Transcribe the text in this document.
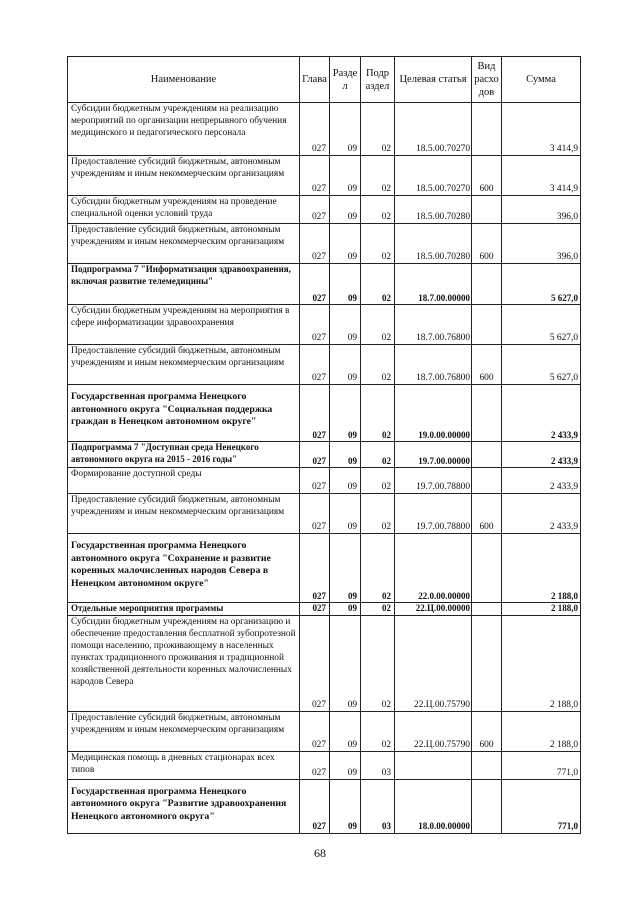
Наименование	Глава	Разде л	Подр аздел	Целевая статья	Вид расхо дов	Сумма
Субсидии бюджетным учреждениям на реализацию мероприятий по организации непрерывного обучения медицинского и педагогического персонала	027	09	02	18.5.00.70270		3 414,9
Предоставление субсидий бюджетным, автономным учреждениям и иным некоммерческим организациям	027	09	02	18.5.00.70270	600	3 414,9
Субсидии бюджетным учреждениям на проведение специальной оценки условий труда	027	09	02	18.5.00.70280		396,0
Предоставление субсидий бюджетным, автономным учреждениям и иным некоммерческим организациям	027	09	02	18.5.00.70280	600	396,0
Подпрограмма 7 "Информатизация здравоохранения, включая развитие телемедицины"	027	09	02	18.7.00.00000		5 627,0
Субсидии бюджетным учреждениям на мероприятия в сфере информатизации здравоохранения	027	09	02	18.7.00.76800		5 627,0
Предоставление субсидий бюджетным, автономным учреждениям и иным некоммерческим организациям	027	09	02	18.7.00.76800	600	5 627,0
Государственная программа Ненецкого автономного округа "Социальная поддержка граждан в Ненецком автономном округе"	027	09	02	19.0.00.00000		2 433,9
Подпрограмма 7 "Доступная среда Ненецкого автономного округа на 2015 - 2016 годы"	027	09	02	19.7.00.00000		2 433,9
Формирование доступной среды	027	09	02	19.7.00.78800		2 433,9
Предоставление субсидий бюджетным, автономным учреждениям и иным некоммерческим организациям	027	09	02	19.7.00.78800	600	2 433,9
Государственная программа Ненецкого автономного округа "Сохранение и развитие коренных малочисленных народов Севера в Ненецком автономном округе"	027	09	02	22.0.00.00000		2 188,0
Отдельные мероприятия программы	027	09	02	22.Ц.00.00000		2 188,0
Субсидии бюджетным учреждениям на организацию и обеспечение предоставления бесплатной зубопротезной помощи населению, проживающему в населенных пунктах традиционного проживания и традиционной хозяйственной деятельности коренных малочисленных народов Севера	027	09	02	22.Ц.00.75790		2 188,0
Предоставление субсидий бюджетным, автономным учреждениям и иным некоммерческим организациям	027	09	02	22.Ц.00.75790	600	2 188,0
Медицинская помощь в дневных стационарах всех типов	027	09	03			771,0
Государственная программа Ненецкого автономного округа "Развитие здравоохранения Ненецкого автономного округа"	027	09	03	18.0.00.00000		771,0
68
